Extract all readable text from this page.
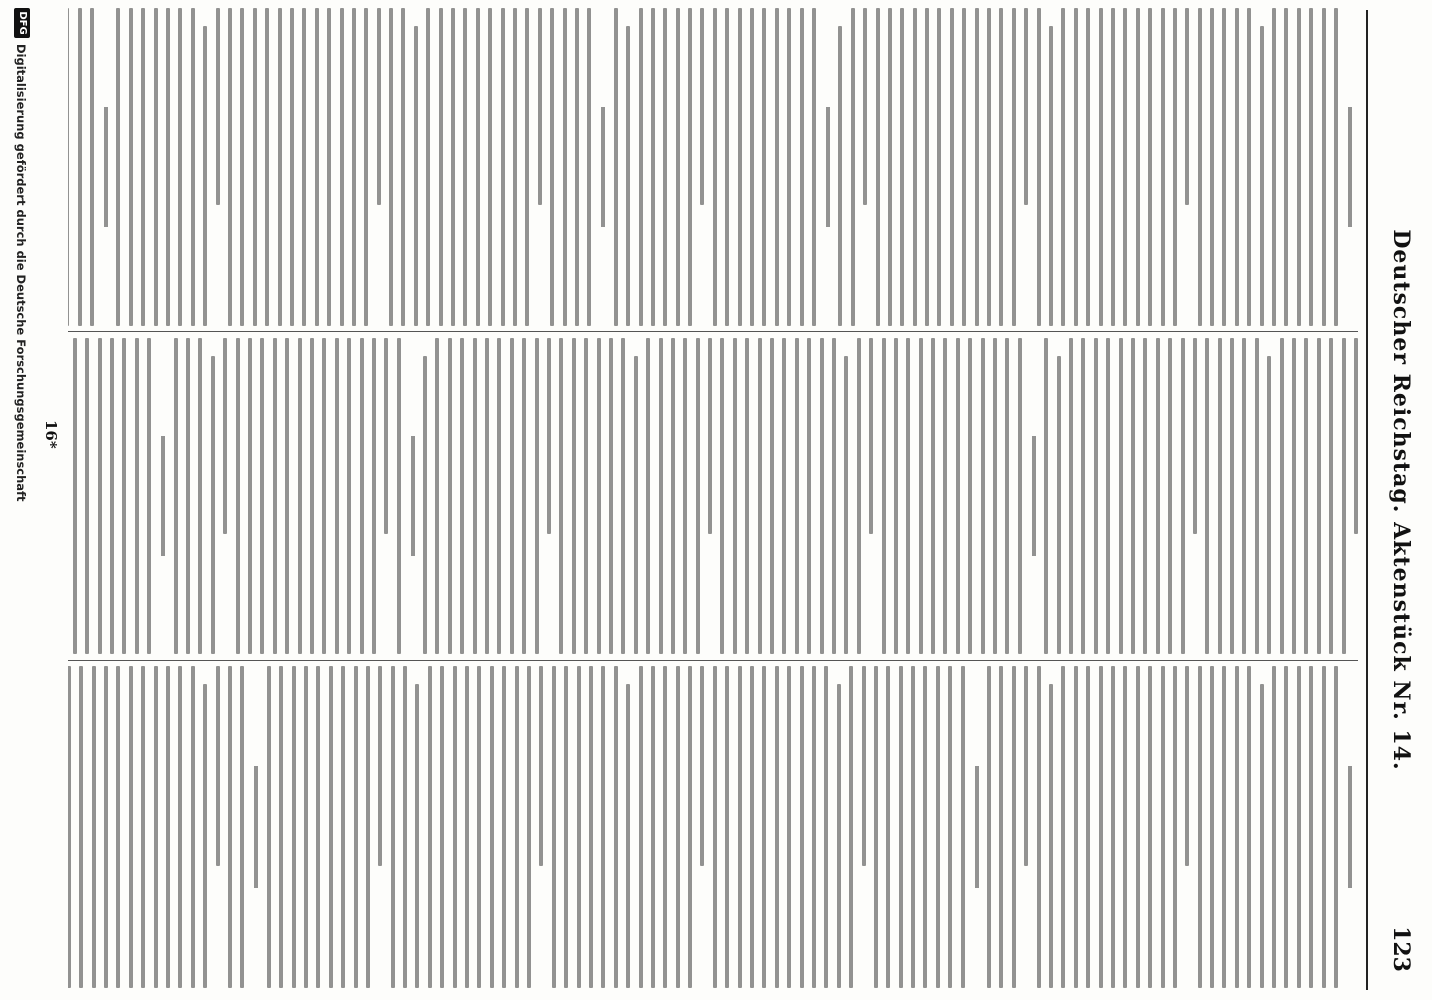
Deutscher Reichstag. Aktenstück Nr. 14.
123
16*
DFG
Digitalisierung gefördert durch die Deutsche Forschungsgemeinschaft
